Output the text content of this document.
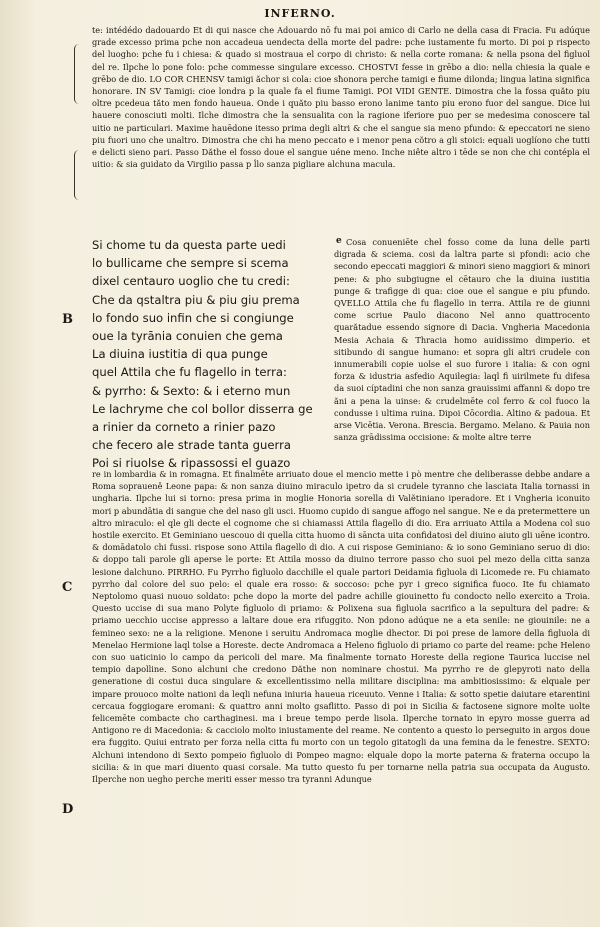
INFERNO.
te: intédédo dadouardo Et di qui nasce che Adouardo nō fu mai poi amico di Carlo ne della casa di Fracia. Fu adúque grade excesso prima pche non accadeua uendecta della morte del padre: pche iustamente fu morto. Di poi p rispecto del luogho: pche fu i chiesa: & quado si mostraua el corpo di christo: & nella corte romana: & nella psona del figluol del re. Ilpche lo pone folo: pche commesse singulare excesso. CHOSTVI fesse in grēbo a dio: nella chiesia la quale e grēbo de dio. LO COR CHENSV tamigi ăchor si cola: cioe sħonora perche tamigi e fiume dilonda; lingua latina significa honorare. IN SV Tamigi: cioe londra p la quale fa el fiume Tamigi. POI VIDI GENTE. Dimostra che la fossa quăto piu oltre pcedeua tăto men fondo haueua. Onde i quăto piu basso erono lanime tanto piu erono fuor del sangue. Dice lui hauere conosciuti molti. Ilche dimostra che la sensualita con la ragione iferiore puo per se medesima conoscere tal uitio ne particulari. Maxime hauēdone itesso prima degli altri & che el sangue sia meno pfundo: & epeccatori ne sieno piu fuori uno che unaltro. Dimostra che chi ha meno peccato e i menor pena cŏtro a gli stoici: equali uoglíono che tutti e delicti sieno pari. Passo Dăthe el fosso doue el sangue uéne meno. Inche niête altro i tēde se non che chi contépla el uitio: & sia guidato da Virgilio passa p ĺlo sanza pigliare alchuna macula.
Si chome tu da questa parte uedi
lo bullicame che sempre si scema
dixel centauro uoglio che tu credi:
Che da qstaltra piu & piu giu prema
lo fondo suo infin che si congiunge
oue la tyrānia conuien che gema
La diuina iustitia di qua punge
quel Attila che fu flagello in terra:
& pyrrho: & Sexto: & i eterno mun
Le lachryme che col bollor disserra ge
a rinier da corneto a rinier pazo
che fecero ale strade tanta guerra
Poi si riuolse & ripassossi el guazo
e Cosa conueniēte chel fosso come da luna delle parti digrada & sciema. cosi da laltra parte si pfondi: acio che secondo epeccati maggiori & minori sieno maggiori & minori pene: & pho subgiugne el cētauro che la diuina iustitia punge & trafigge di qua: cioe oue el sangue e piu pfundo. QVELLO Attila che fu flagello in terra. Attila re de giunni come scriue Paulo diacono Nel anno quattrocento quarătadue essendo signore di Dacia. Vngheria Macedonia Mesia Achaia & Thracia homo auidissimo dimperio. et sitibundo di sangue humano: et sopra gli altri crudele con innumerabili copie uolse el suo furore i italia: & con ogni forza & idustria asfedio Aquilegia: laql fi uirilmete fu difesa da suoi cíptadini che non sanza grauissimi affanni & dopo tre ăni a pena la uinse: & crudelmēte col ferro & col fuoco la condusse i ultima ruina. Dipoi Cōcordia. Altino & padoua. Et arse Vicētia. Verona. Brescia. Bergamo. Melano. & Pauia non sanza grādissima occisione: & molte altre terre
B
C
D
re in lombardia & in romagna. Et finalmēte arriuato doue el mencio mette i pò mentre che deliberasse debbe andare a Roma sopraueně Leone papa: & non sanza diuino miraculo ipetro da si crudele tyranno che lasciata Italia tornassi in ungharia. Ilpche lui si torno: presa prima in moglie Honoria sorella di Valĕtiniano iperadore. Et i Vngheria iconuito mori p abundātia di sangue che del naso gli usci. Huomo cupido di sangue affogo nel sangue. Ne e da pretermettere un altro miraculo: el qle gli decte el cognome che si chiamassi Attila flagello di dio. Era arriuato Attila a Modena col suo hostile exercito. Et Geminiano uescouo di quella citta huomo di sāncta uita confidatosi del diuino aiuto gli uēne icontro. & domādatolo chi fussi. rispose sono Attila flagello di dio. A cui rispose Geminiano: & io sono Geminiano seruo di dio: & doppo tali parole gli aperse le porte: Et Attila mosso da diuino terrore passo cho suoi pel mezo della citta sanza lesione dalchuno. PIRRHO. Fu Pyrrho figluolo dacchille el quale partori Deidamia figluola di Licomede re. Fu chiamato pyrrho dal colore del suo pelo: el quale era rosso: & soccoso: pche pyr i greco significa fuoco. Ite fu chiamato Neptolomo quasi nuouo soldato: pche dopo la morte del padre achille giouinetto fu condocto nello exercito a Troia. Questo uccise di sua mano Polyte figluolo di priamo: & Polixena sua figluola sacrifico a la sepultura del padre: & priamo uecchio uccise appresso a laltare doue era rifuggito. Non pdono adúque ne a eta senile: ne giouinile: ne a femineo sexo: ne a la religione. Menone i seruitu Andromaca moglie dhector. Di poi prese de lamore della figluola di Menelao Hermione laql tolse a Horeste. decte Andromaca a Heleno figluolo di priamo co parte del reame: pche Heleno con suo uaticinio lo campo da pericoli del mare. Ma finalmente tornato Horeste della regione Taurica luccise nel tempio dapolline. Sono alchuni che credono Dăthe non nominare chostui. Ma pyrrho re de glepyroti nato della generatione di costui duca singulare & excellentissimo nella militare disciplina: ma ambitiosissimo: & elquale per impare prouoco molte nationi da leqli nefuna iniuria haueua riceuuto. Venne i Italia: & sotto spetie daiutare etarentini cercaua foggiogare eromani: & quattro anni molto gsaflitto. Passo di poi in Sicilia & factosene signore molte uolte felicemēte combacte cho carthaginesi. ma i breue tempo perde lisola. Ilperche tornato in epyro mosse guerra ad Antigono re di Macedonia: & cacciolo molto iniustamente del reame. Ne contento a questo lo perseguito in argos doue era fuggito. Quiui entrato per forza nella citta fu morto con un tegolo gitatogli da una femina da le fenestre. SEXTO: Alchuni intendono di Sexto pompeio figluolo di Pompeo magno: elquale dopo la morte paterna & fraterna occupo la sicilia: & in que mari diuento quasi corsale. Ma tutto questo fu per tornarne nella patria sua occupata da Augusto. Ilperche non uegho perche meriti esser messo tra tyranni Adunque
